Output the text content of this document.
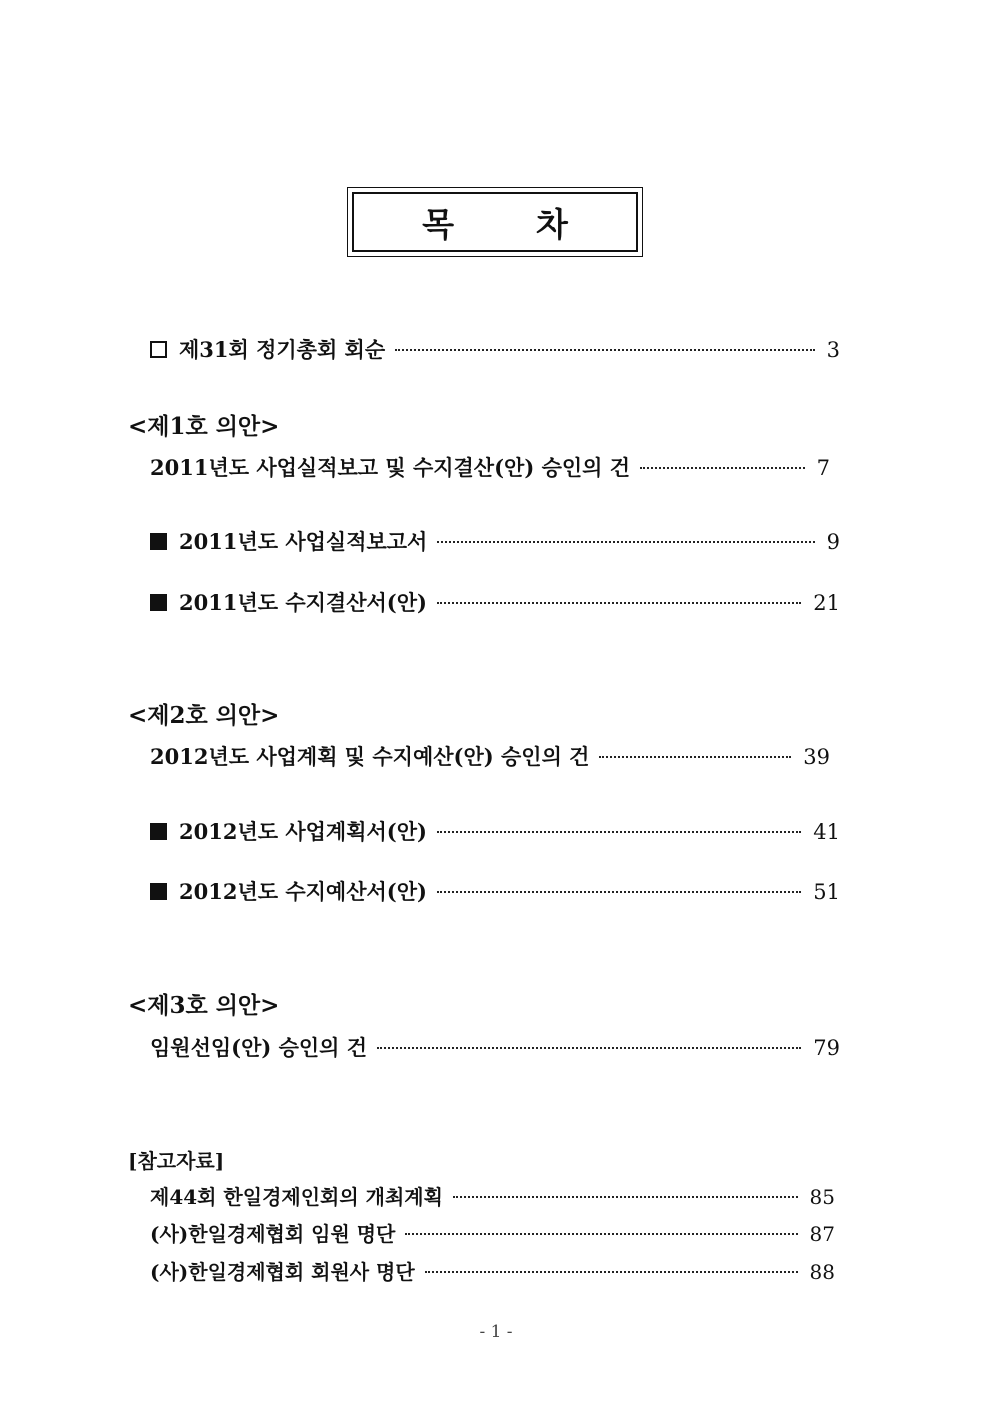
목 차
제31회 정기총회 회순	3
<제1호 의안>
2011년도 사업실적보고 및 수지결산(안) 승인의 건	7
2011년도 사업실적보고서	9
2011년도 수지결산서(안)	21
<제2호 의안>
2012년도 사업계획 및 수지예산(안) 승인의 건	39
2012년도 사업계획서(안)	41
2012년도 수지예산서(안)	51
<제3호 의안>
임원선임(안) 승인의 건	79
[참고자료]
제44회 한일경제인회의 개최계획	85
(사)한일경제협회 임원 명단	87
(사)한일경제협회 회원사 명단	88
- 1 -
